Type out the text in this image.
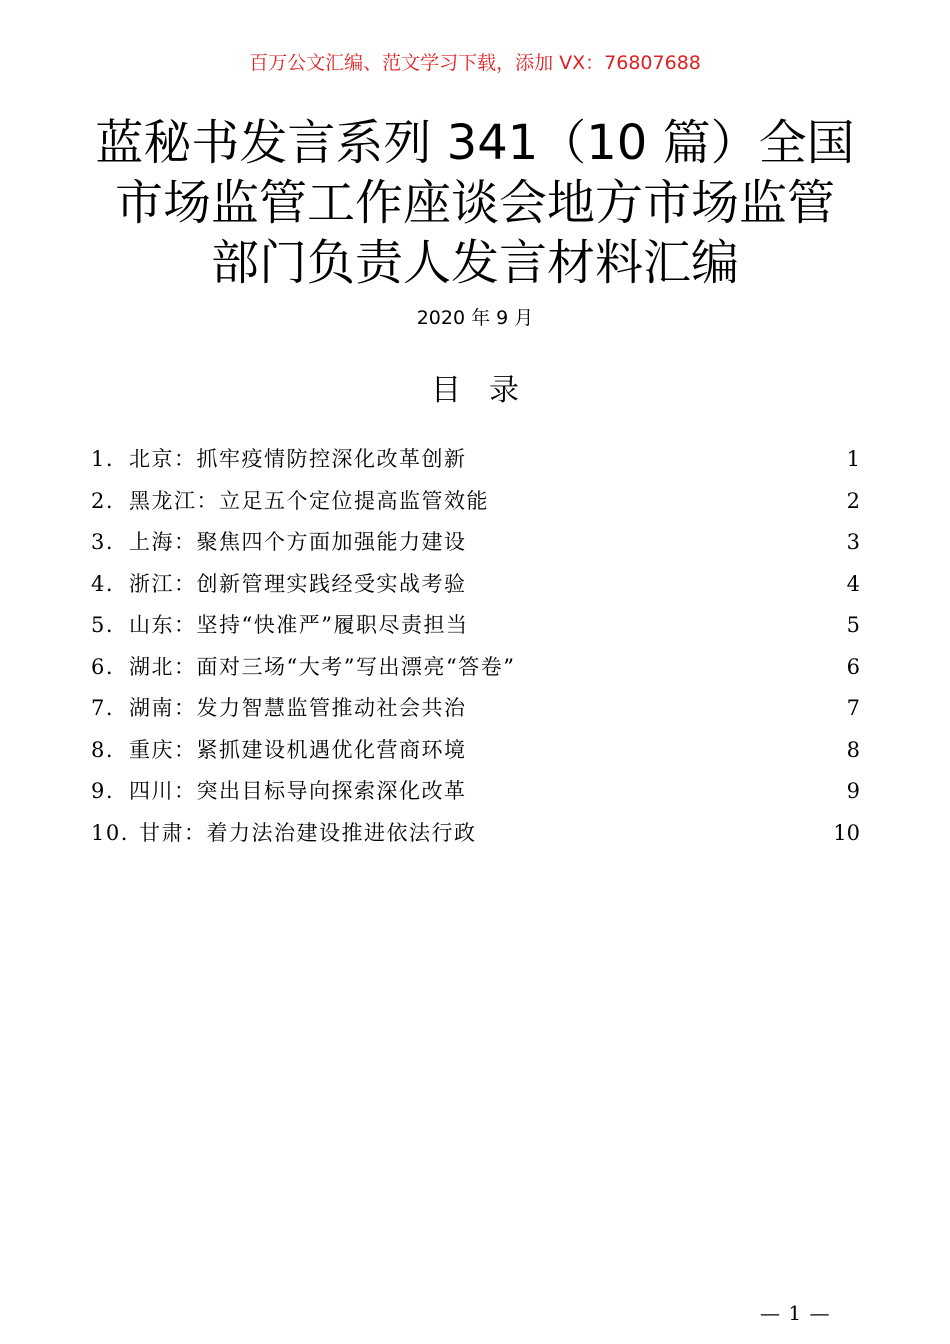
百万公文汇编、范文学习下载，添加 VX：76807688
蓝秘书发言系列 341（10 篇）全国市场监管工作座谈会地方市场监管部门负责人发言材料汇编
2020 年 9 月
目录
1. 北京：抓牢疫情防控深化改革创新	1
2. 黑龙江：立足五个定位提高监管效能	2
3. 上海：聚焦四个方面加强能力建设	3
4. 浙江：创新管理实践经受实战考验	4
5. 山东：坚持“快准严”履职尽责担当	5
6. 湖北：面对三场“大考”写出漂亮“答卷”	6
7. 湖南：发力智慧监管推动社会共治	7
8. 重庆：紧抓建设机遇优化营商环境	8
9. 四川：突出目标导向探索深化改革	9
10. 甘肃：着力法治建设推进依法行政	10
— 1 —
